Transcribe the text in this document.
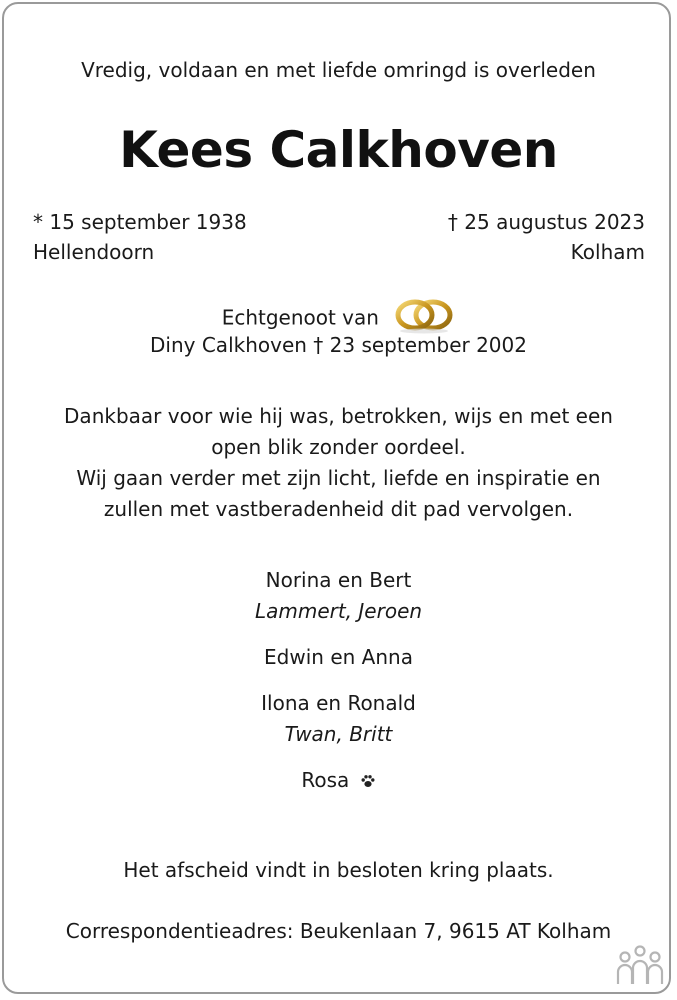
Vredig, voldaan en met liefde omringd is overleden
Kees Calkhoven
* 15 september 1938
Hellendoorn
† 25 augustus 2023
Kolham
Echtgenoot van
Diny Calkhoven † 23 september 2002
Dankbaar voor wie hij was, betrokken, wijs en met een
open blik zonder oordeel.
Wij gaan verder met zijn licht, liefde en inspiratie en
zullen met vastberadenheid dit pad vervolgen.
Norina en Bert
Lammert, Jeroen
Edwin en Anna
Ilona en Ronald
Twan, Britt
Rosa
Het afscheid vindt in besloten kring plaats.
Correspondentieadres: Beukenlaan 7, 9615 AT Kolham
